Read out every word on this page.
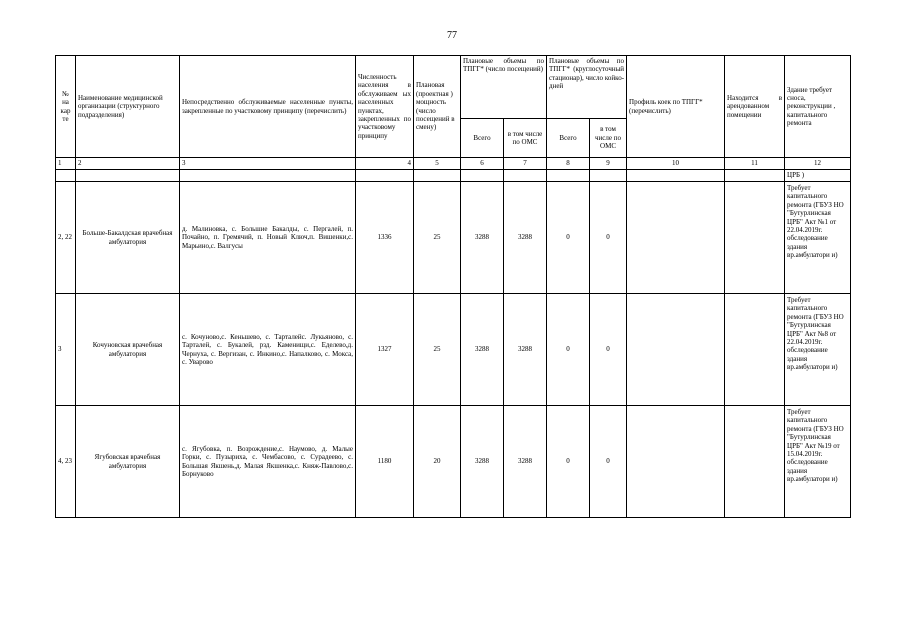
77
№ на кар те	Наименование медицинской организации (структурного подразделения)	Непосредственно обслуживаемые населенные пункты, закрепленные по участковому принципу (перечислить)	Численность населения в обслуживаем ых населенных пунктах, закрепленных по участковому принципу	Плановая (проектная ) мощность (число посещений в смену)	Плановые объемы по ТПГГ* (число посещений)		Плановые объемы по ТПГГ* (круглосуточный стационар), число койко-дней		Профиль коек по ТПГГ* (перечислить)	Находится в арендованном помещении	Здание требует сноса, реконструкции , капитального ремонта
					Всего	в том числе по ОМС	Всего	в том числе по ОМС			
1	2	3	4	5	6	7	8	9	10	11	12
											ЦРБ )
2, 22	Больше-Бакалдская врачебная амбулатория	д. Малиновка, с. Большие Бакалды, с. Пергалей, п. Почайно, п. Гремячий, п. Новый Ключ,п. Вишенки,с. Марьино,с. Валгусы	1336	25	3288	3288	0	0			Требует капитального ремонта (ГБУЗ НО "Бутурлинская ЦРБ" Акт №1 от 22.04.2019г. обследование здания вр.амбулатори и)
3	Кочуновская врачебная амбулатория	с. Кочуново,с. Кеньшево, с. Тарталейс. Лукьяново, с. Тарталей, с. Букалей, рзд. Каменищи,с. Еделево,д. Чернуха, с. Вергизан, с. Инкино,с. Напалково, с. Мокса, с. Уварово	1327	25	3288	3288	0	0			Требует капитального ремонта (ГБУЗ НО "Бутурлинская ЦРБ" Акт №8 от 22.04.2019г. обследование здания вр.амбулатори и)
4, 23	Ягубовская врачебная амбулатория	с. Ягубовка, п. Возрождение,с. Наумово, д. Малые Горки, с. Пузыриха, с. Чембасово, с. Сурадеево, с. Большая Якшень,д. Малая Якшенка,с. Княж-Павлово,с. Борнуково	1180	20	3288	3288	0	0			Требует капитального ремонта (ГБУЗ НО "Бутурлинская ЦРБ" Акт №19 от 15.04.2019г. обследование здания вр.амбулатори и)
